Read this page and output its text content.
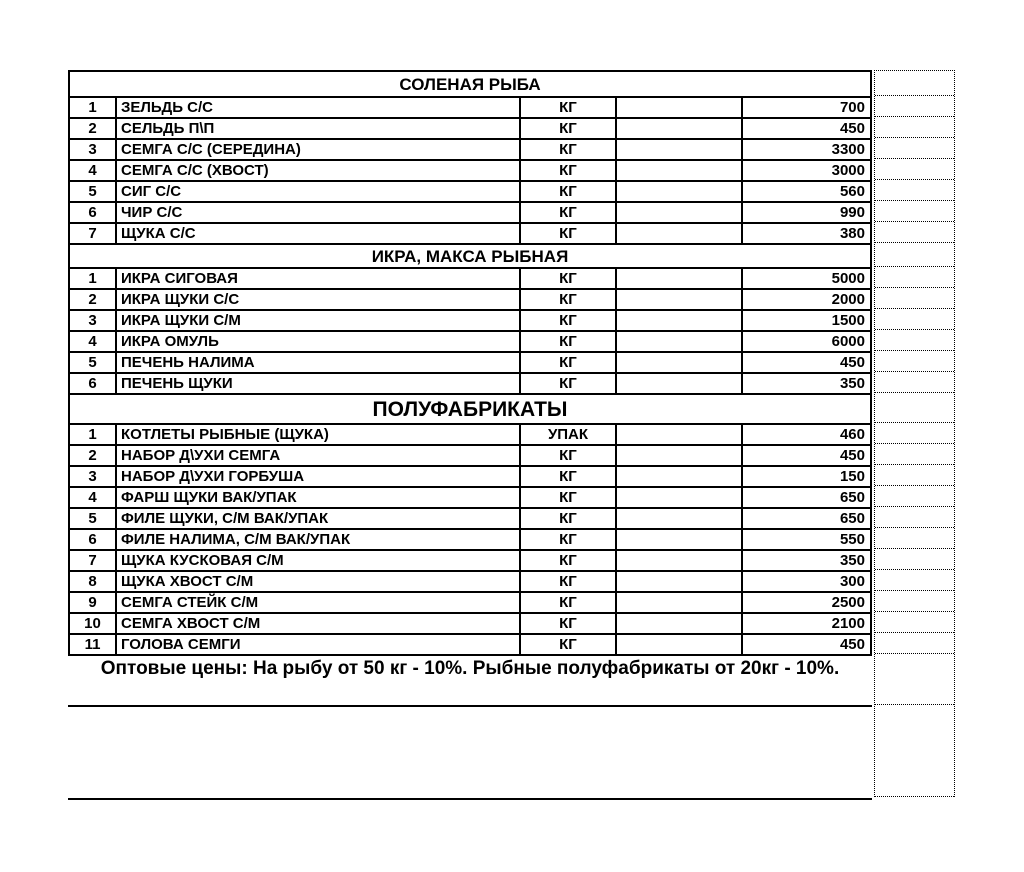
СОЛЕНАЯ РЫБА
1	ЗЕЛЬДЬ С/С	КГ	700
2	СЕЛЬДЬ П\П	КГ	450
3	СЕМГА С/С (СЕРЕДИНА)	КГ	3300
4	СЕМГА С/С (ХВОСТ)	КГ	3000
5	СИГ С/С	КГ	560
6	ЧИР С/С	КГ	990
7	ЩУКА С/С	КГ	380
ИКРА, МАКСА РЫБНАЯ
1	ИКРА СИГОВАЯ	КГ	5000
2	ИКРА ЩУКИ С/С	КГ	2000
3	ИКРА ЩУКИ С/М	КГ	1500
4	ИКРА ОМУЛЬ	КГ	6000
5	ПЕЧЕНЬ НАЛИМА	КГ	450
6	ПЕЧЕНЬ ЩУКИ	КГ	350
ПОЛУФАБРИКАТЫ
1	КОТЛЕТЫ РЫБНЫЕ (ЩУКА)	УПАК	460
2	НАБОР Д\УХИ СЕМГА	КГ	450
3	НАБОР Д\УХИ ГОРБУША	КГ	150
4	ФАРШ ЩУКИ ВАК/УПАК	КГ	650
5	ФИЛЕ ЩУКИ, С/М ВАК/УПАК	КГ	650
6	ФИЛЕ НАЛИМА, С/М ВАК/УПАК	КГ	550
7	ЩУКА КУСКОВАЯ С/М	КГ	350
8	ЩУКА ХВОСТ С/М	КГ	300
9	СЕМГА СТЕЙК С/М	КГ	2500
10	СЕМГА ХВОСТ С/М	КГ	2100
11	ГОЛОВА СЕМГИ	КГ	450
Оптовые цены: На рыбу от 50 кг - 10%. Рыбные полуфабрикаты от 20кг - 10%.
